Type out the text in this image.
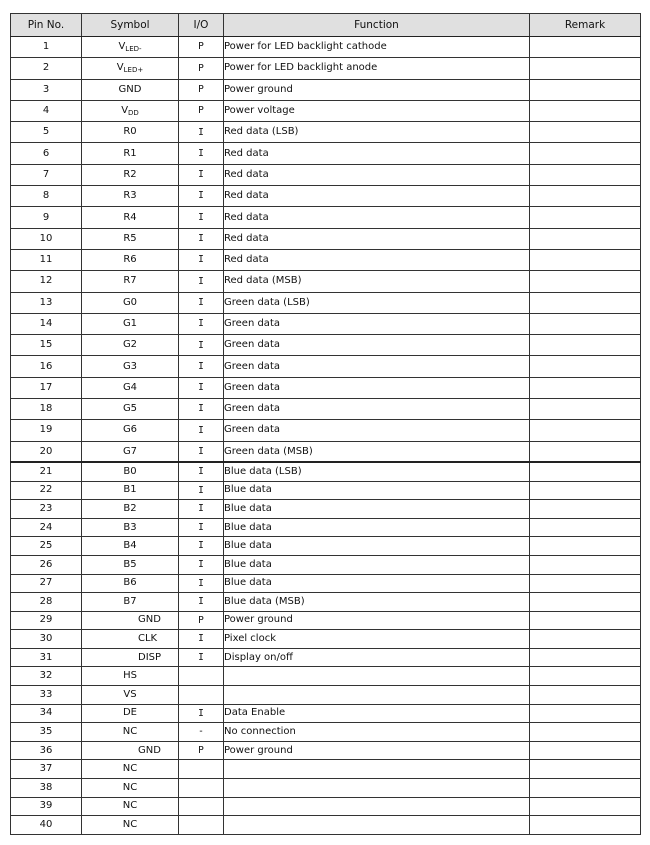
Pin No.	Symbol	I/O	Function	Remark
1	$V_{LED-}$	P	Power for LED backlight cathode	
2	$V_{LED+}$	P	Power for LED backlight anode	
3	GND	P	Power ground	
4	$V_{DD}$	P	Power voltage	
5	R0	I	Red data (LSB)	
6	R1	I	Red data	
7	R2	I	Red data	
8	R3	I	Red data	
9	R4	I	Red data	
10	R5	I	Red data	
11	R6	I	Red data	
12	R7	I	Red data (MSB)	
13	G0	I	Green data (LSB)	
14	G1	I	Green data	
15	G2	I	Green data	
16	G3	I	Green data	
17	G4	I	Green data	
18	G5	I	Green data	
19	G6	I	Green data	
20	G7	I	Green data (MSB)	
21	B0	I	Blue data (LSB)	
22	B1	I	Blue data	
23	B2	I	Blue data	
24	B3	I	Blue data	
25	B4	I	Blue data	
26	B5	I	Blue data	
27	B6	I	Blue data	
28	B7	I	Blue data (MSB)	
29	GND	P	Power ground	
30	CLK	I	Pixel clock	
31	DISP	I	Display on/off	
32	HS			
33	VS			
34	DE	I	Data Enable	
35	NC	-	No connection	
36	GND	P	Power ground	
37	NC			
38	NC			
39	NC			
40	NC			
